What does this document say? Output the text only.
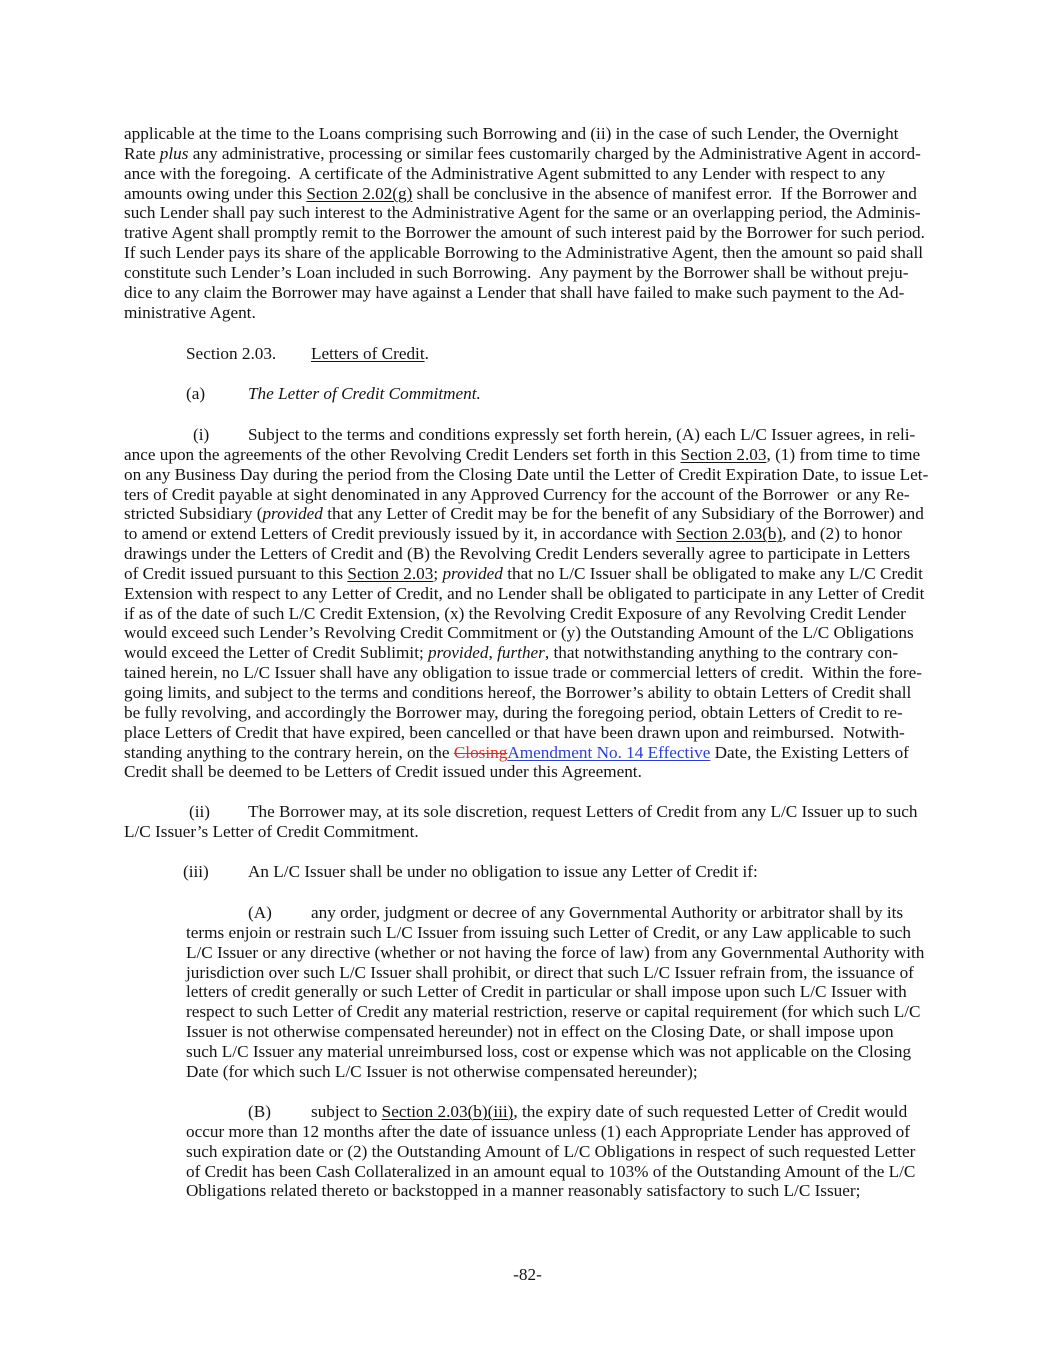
applicable at the time to the Loans comprising such Borrowing and (ii) in the case of such Lender, the Overnight
Rate plus any administrative, processing or similar fees customarily charged by the Administrative Agent in accord-
ance with the foregoing.  A certificate of the Administrative Agent submitted to any Lender with respect to any
amounts owing under this Section 2.02(g) shall be conclusive in the absence of manifest error.  If the Borrower and
such Lender shall pay such interest to the Administrative Agent for the same or an overlapping period, the Adminis-
trative Agent shall promptly remit to the Borrower the amount of such interest paid by the Borrower for such period.
If such Lender pays its share of the applicable Borrowing to the Administrative Agent, then the amount so paid shall
constitute such Lender’s Loan included in such Borrowing.  Any payment by the Borrower shall be without preju-
dice to any claim the Borrower may have against a Lender that shall have failed to make such payment to the Ad-
ministrative Agent.
Section 2.03. Letters of Credit.
(a) The Letter of Credit Commitment.
(i) Subject to the terms and conditions expressly set forth herein, (A) each L/C Issuer agrees, in reli-
ance upon the agreements of the other Revolving Credit Lenders set forth in this Section 2.03, (1) from time to time
on any Business Day during the period from the Closing Date until the Letter of Credit Expiration Date, to issue Let-
ters of Credit payable at sight denominated in any Approved Currency for the account of the Borrower  or any Re-
stricted Subsidiary (provided that any Letter of Credit may be for the benefit of any Subsidiary of the Borrower) and
to amend or extend Letters of Credit previously issued by it, in accordance with Section 2.03(b), and (2) to honor
drawings under the Letters of Credit and (B) the Revolving Credit Lenders severally agree to participate in Letters
of Credit issued pursuant to this Section 2.03; provided that no L/C Issuer shall be obligated to make any L/C Credit
Extension with respect to any Letter of Credit, and no Lender shall be obligated to participate in any Letter of Credit
if as of the date of such L/C Credit Extension, (x) the Revolving Credit Exposure of any Revolving Credit Lender
would exceed such Lender’s Revolving Credit Commitment or (y) the Outstanding Amount of the L/C Obligations
would exceed the Letter of Credit Sublimit; provided, further, that notwithstanding anything to the contrary con-
tained herein, no L/C Issuer shall have any obligation to issue trade or commercial letters of credit.  Within the fore-
going limits, and subject to the terms and conditions hereof, the Borrower’s ability to obtain Letters of Credit shall
be fully revolving, and accordingly the Borrower may, during the foregoing period, obtain Letters of Credit to re-
place Letters of Credit that have expired, been cancelled or that have been drawn upon and reimbursed.  Notwith-
standing anything to the contrary herein, on the ClosingAmendment No. 14 Effective Date, the Existing Letters of
Credit shall be deemed to be Letters of Credit issued under this Agreement.
(ii) The Borrower may, at its sole discretion, request Letters of Credit from any L/C Issuer up to such
L/C Issuer’s Letter of Credit Commitment.
(iii) An L/C Issuer shall be under no obligation to issue any Letter of Credit if:
(A) any order, judgment or decree of any Governmental Authority or arbitrator shall by its
terms enjoin or restrain such L/C Issuer from issuing such Letter of Credit, or any Law applicable to such
L/C Issuer or any directive (whether or not having the force of law) from any Governmental Authority with
jurisdiction over such L/C Issuer shall prohibit, or direct that such L/C Issuer refrain from, the issuance of
letters of credit generally or such Letter of Credit in particular or shall impose upon such L/C Issuer with
respect to such Letter of Credit any material restriction, reserve or capital requirement (for which such L/C
Issuer is not otherwise compensated hereunder) not in effect on the Closing Date, or shall impose upon
such L/C Issuer any material unreimbursed loss, cost or expense which was not applicable on the Closing
Date (for which such L/C Issuer is not otherwise compensated hereunder);
(B) subject to Section 2.03(b)(iii), the expiry date of such requested Letter of Credit would
occur more than 12 months after the date of issuance unless (1) each Appropriate Lender has approved of
such expiration date or (2) the Outstanding Amount of L/C Obligations in respect of such requested Letter
of Credit has been Cash Collateralized in an amount equal to 103% of the Outstanding Amount of the L/C
Obligations related thereto or backstopped in a manner reasonably satisfactory to such L/C Issuer;
-82-
